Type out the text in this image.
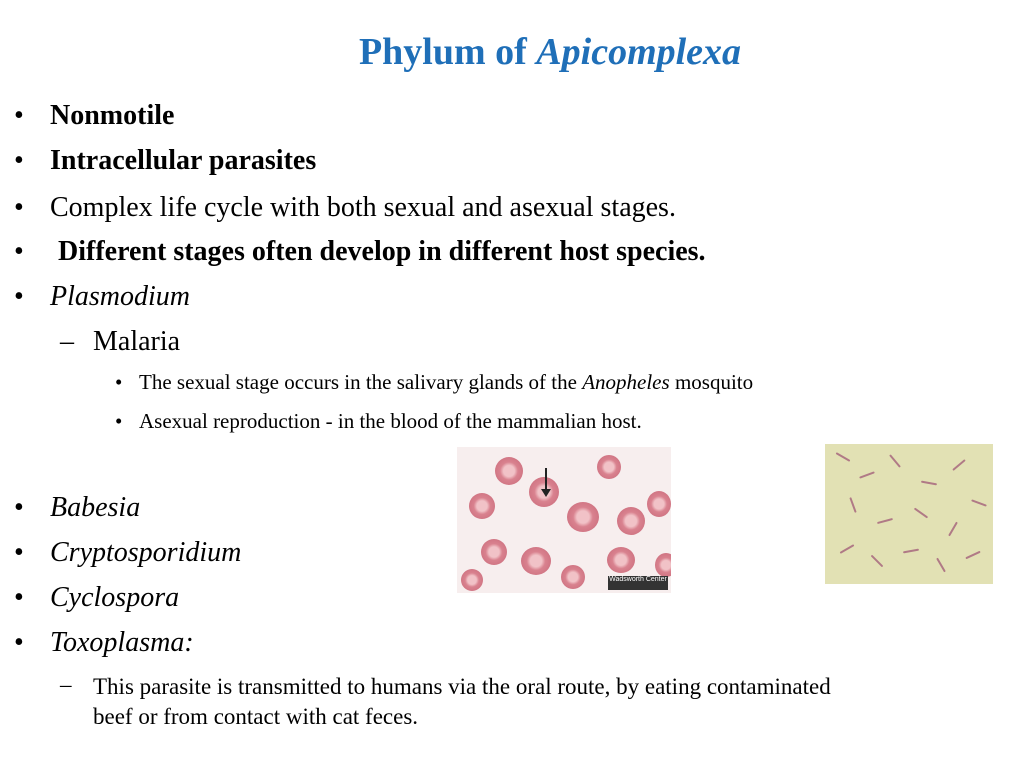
Phylum of Apicomplexa
• Nonmotile
• Intracellular parasites
• Complex life cycle with both sexual and asexual stages.
• Different stages often develop in different host species.
• Plasmodium
– Malaria
• The sexual stage occurs in the salivary glands of the Anopheles mosquito
• Asexual reproduction - in the blood of the mammalian host.
• Babesia
• Cryptosporidium
• Cyclospora
• Toxoplasma:
– This parasite is transmitted to humans via the oral route, by eating contaminated beef or from contact with cat feces.
Wadsworth Center
